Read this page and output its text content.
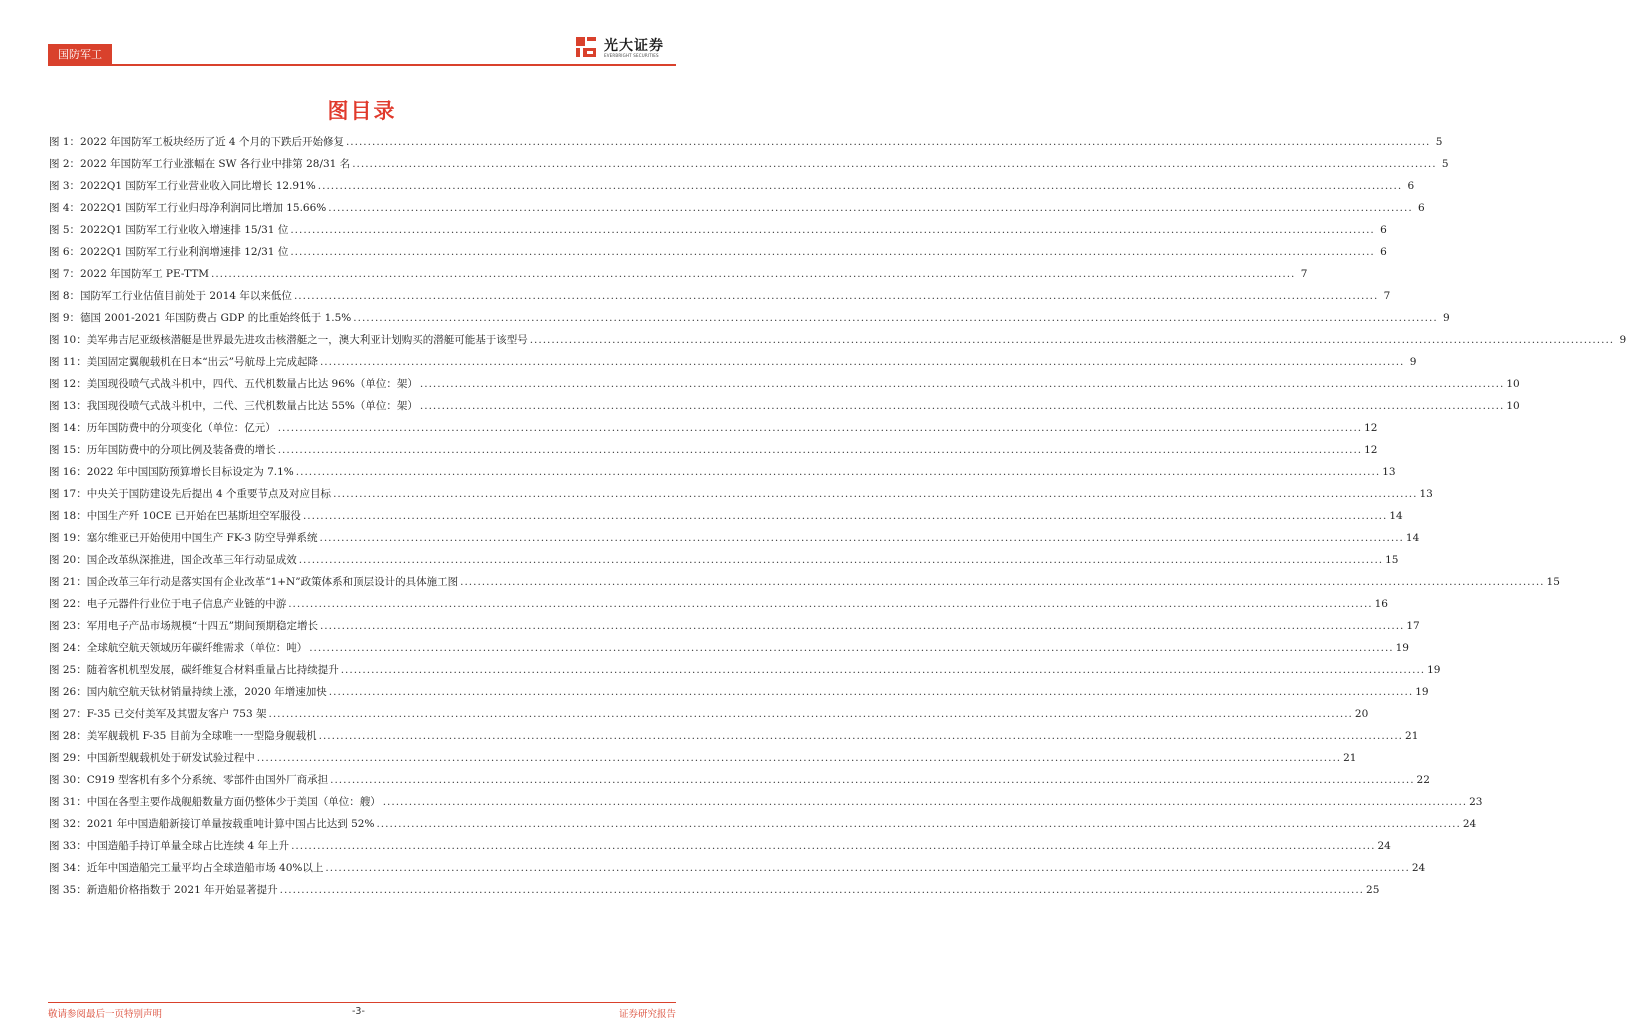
国防军工
光大证券
EVERBRIGHT SECURITIES
图目录
图 1： 2022 年国防军工板块经历了近 4 个月的下跌后开始修复 .....	5
图 2： 2022 年国防军工行业涨幅在 SW 各行业中排第 28/31 名 .....	5
图 3： 2022Q1 国防军工行业营业收入同比增长 12.91% .....	6
图 4： 2022Q1 国防军工行业归母净利润同比增加 15.66% .....	6
图 5： 2022Q1 国防军工行业收入增速排 15/31 位 .....	6
图 6： 2022Q1 国防军工行业利润增速排 12/31 位 .....	6
图 7： 2022 年国防军工 PE-TTM .....	7
图 8： 国防军工行业估值目前处于 2014 年以来低位 .....	7
图 9： 德国 2001-2021 年国防费占 GDP 的比重始终低于 1.5% .....	9
图 10： 美军弗吉尼亚级核潜艇是世界最先进攻击核潜艇之一，澳大利亚计划购买的潜艇可能基于该型号 .....	9
图 11： 美国固定翼舰载机在日本“出云”号航母上完成起降 .....	9
图 12： 美国现役喷气式战斗机中，四代、五代机数量占比达 96%（单位：架） .....	10
图 13： 我国现役喷气式战斗机中，二代、三代机数量占比达 55%（单位：架） .....	10
图 14： 历年国防费中的分项变化（单位：亿元） .....	12
图 15： 历年国防费中的分项比例及装备费的增长 .....	12
图 16： 2022 年中国国防预算增长目标设定为 7.1% .....	13
图 17： 中央关于国防建设先后提出 4 个重要节点及对应目标 .....	13
图 18： 中国生产歼 10CE 已开始在巴基斯坦空军服役 .....	14
图 19： 塞尔维亚已开始使用中国生产 FK-3 防空导弹系统 .....	14
图 20： 国企改革纵深推进，国企改革三年行动显成效 .....	15
图 21： 国企改革三年行动是落实国有企业改革“1+N”政策体系和顶层设计的具体施工图 .....	15
图 22： 电子元器件行业位于电子信息产业链的中游 .....	16
图 23： 军用电子产品市场规模“十四五”期间预期稳定增长 .....	17
图 24： 全球航空航天领域历年碳纤维需求（单位：吨） .....	19
图 25： 随着客机机型发展，碳纤维复合材料重量占比持续提升 .....	19
图 26： 国内航空航天钛材销量持续上涨，2020 年增速加快 .....	19
图 27： F-35 已交付美军及其盟友客户 753 架 .....	20
图 28： 美军舰载机 F-35 目前为全球唯一一型隐身舰载机 .....	21
图 29： 中国新型舰载机处于研发试验过程中 .....	21
图 30： C919 型客机有多个分系统、零部件由国外厂商承担 .....	22
图 31： 中国在各型主要作战舰船数量方面仍整体少于美国（单位：艘） .....	23
图 32： 2021 年中国造船新接订单量按载重吨计算中国占比达到 52% .....	24
图 33： 中国造船手持订单量全球占比连续 4 年上升 .....	24
图 34： 近年中国造船完工量平均占全球造船市场 40%以上 .....	24
图 35： 新造船价格指数于 2021 年开始显著提升 .....	25
敬请参阅最后一页特别声明	-3-	证券研究报告
